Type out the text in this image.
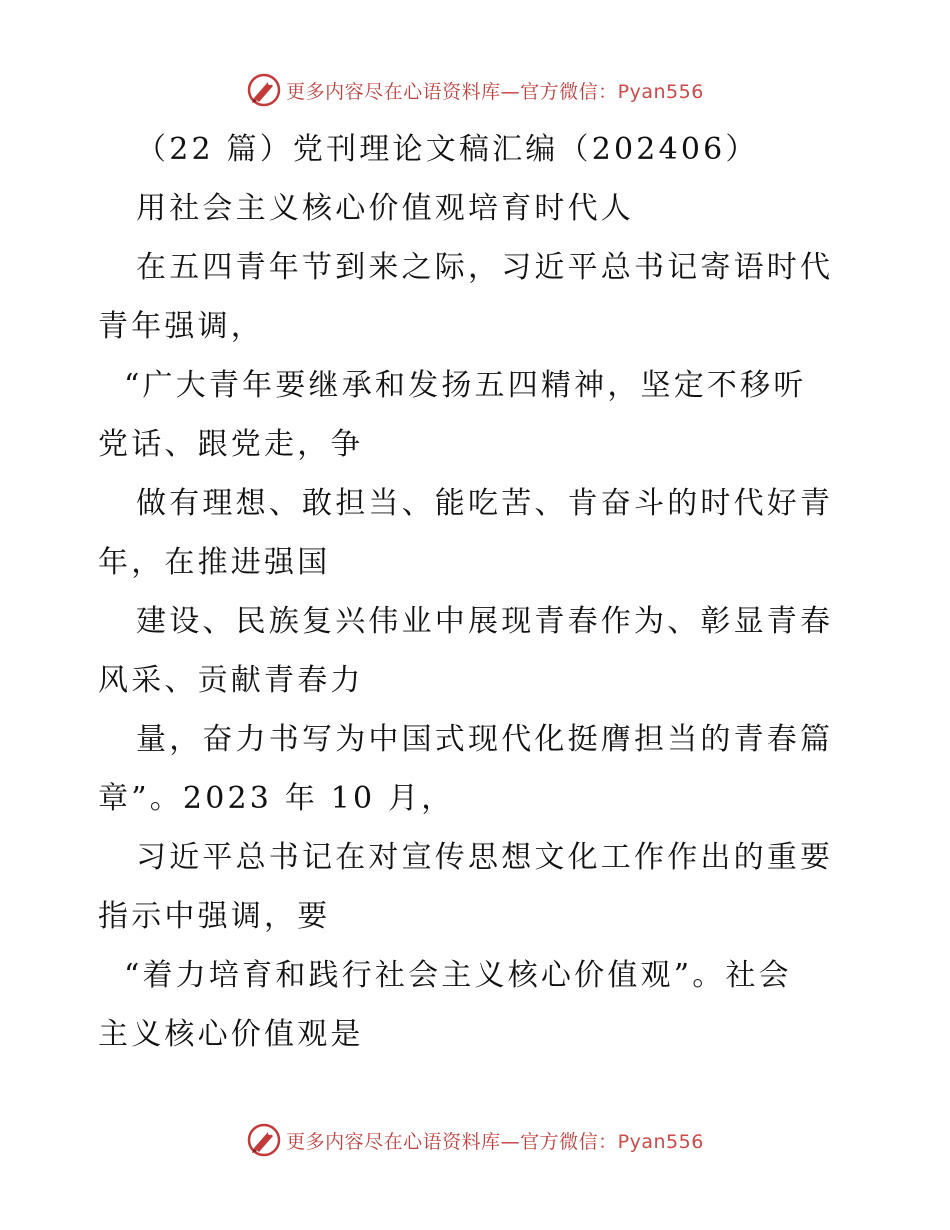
更多内容尽在心语资料库—官方微信：Pyan556
（22 篇）党刊理论文稿汇编（202406）
用社会主义核心价值观培育时代人
在五四青年节到来之际，习近平总书记寄语时代
青年强调，
“广大青年要继承和发扬五四精神，坚定不移听
党话、跟党走，争
做有理想、敢担当、能吃苦、肯奋斗的时代好青
年，在推进强国
建设、民族复兴伟业中展现青春作为、彰显青春
风采、贡献青春力
量，奋力书写为中国式现代化挺膺担当的青春篇
章”。2023 年 10 月，
习近平总书记在对宣传思想文化工作作出的重要
指示中强调，要
“着力培育和践行社会主义核心价值观”。社会
主义核心价值观是
更多内容尽在心语资料库—官方微信：Pyan556
